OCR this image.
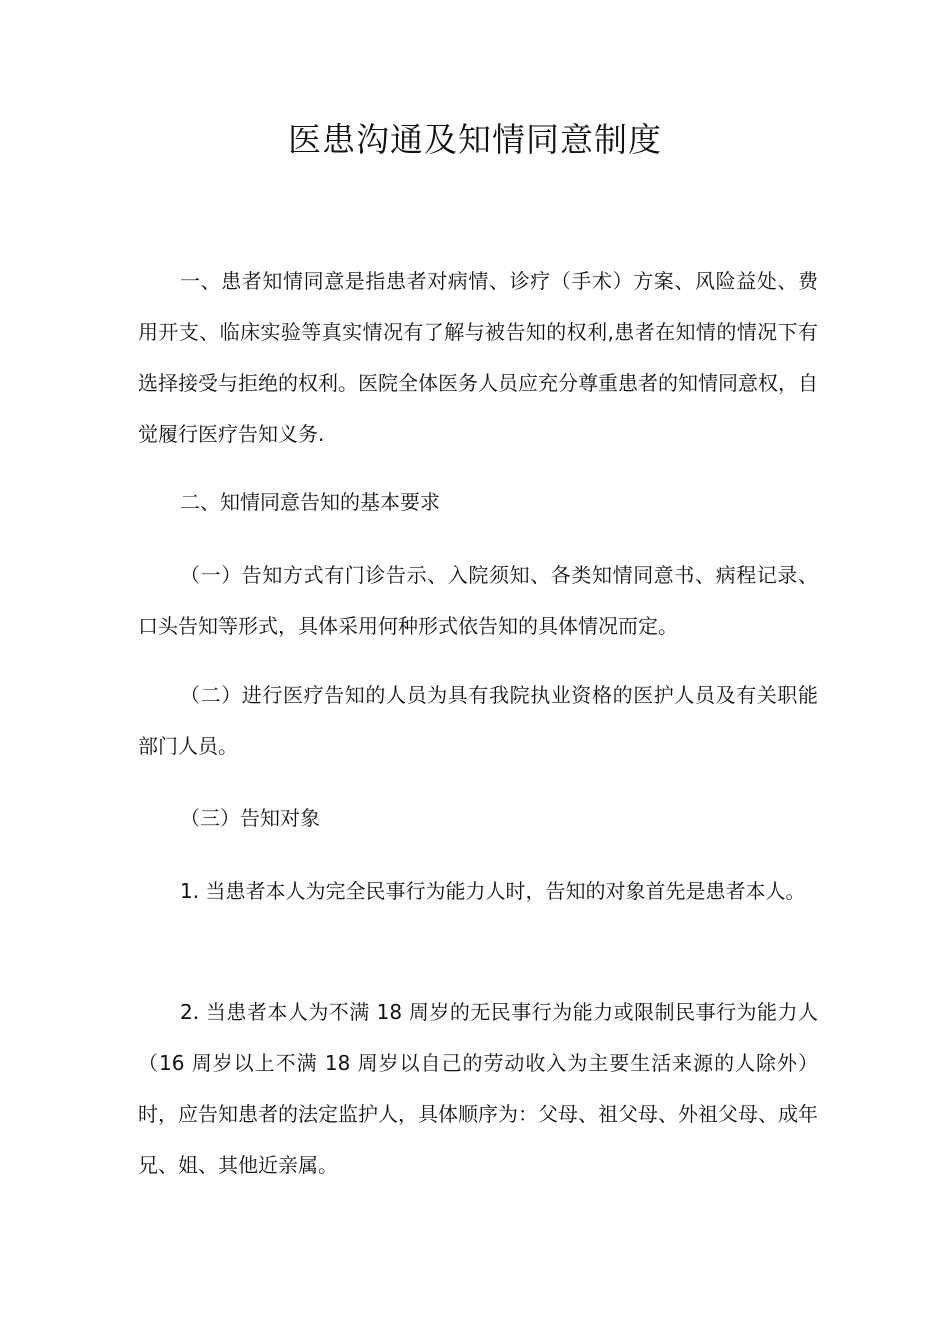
医患沟通及知情同意制度

一、患者知情同意是指患者对病情、诊疗（手术）方案、风险益处、费用开支、临床实验等真实情况有了解与被告知的权利,患者在知情的情况下有选择接受与拒绝的权利。医院全体医务人员应充分尊重患者的知情同意权，自觉履行医疗告知义务.

二、知情同意告知的基本要求

（一）告知方式有门诊告示、入院须知、各类知情同意书、病程记录、口头告知等形式，具体采用何种形式依告知的具体情况而定。

（二）进行医疗告知的人员为具有我院执业资格的医护人员及有关职能部门人员。

（三）告知对象

1. 当患者本人为完全民事行为能力人时，告知的对象首先是患者本人。

2. 当患者本人为不满 18 周岁的无民事行为能力或限制民事行为能力人（16 周岁以上不满 18 周岁以自己的劳动收入为主要生活来源的人除外）时，应告知患者的法定监护人，具体顺序为：父母、祖父母、外祖父母、成年兄、姐、其他近亲属。
